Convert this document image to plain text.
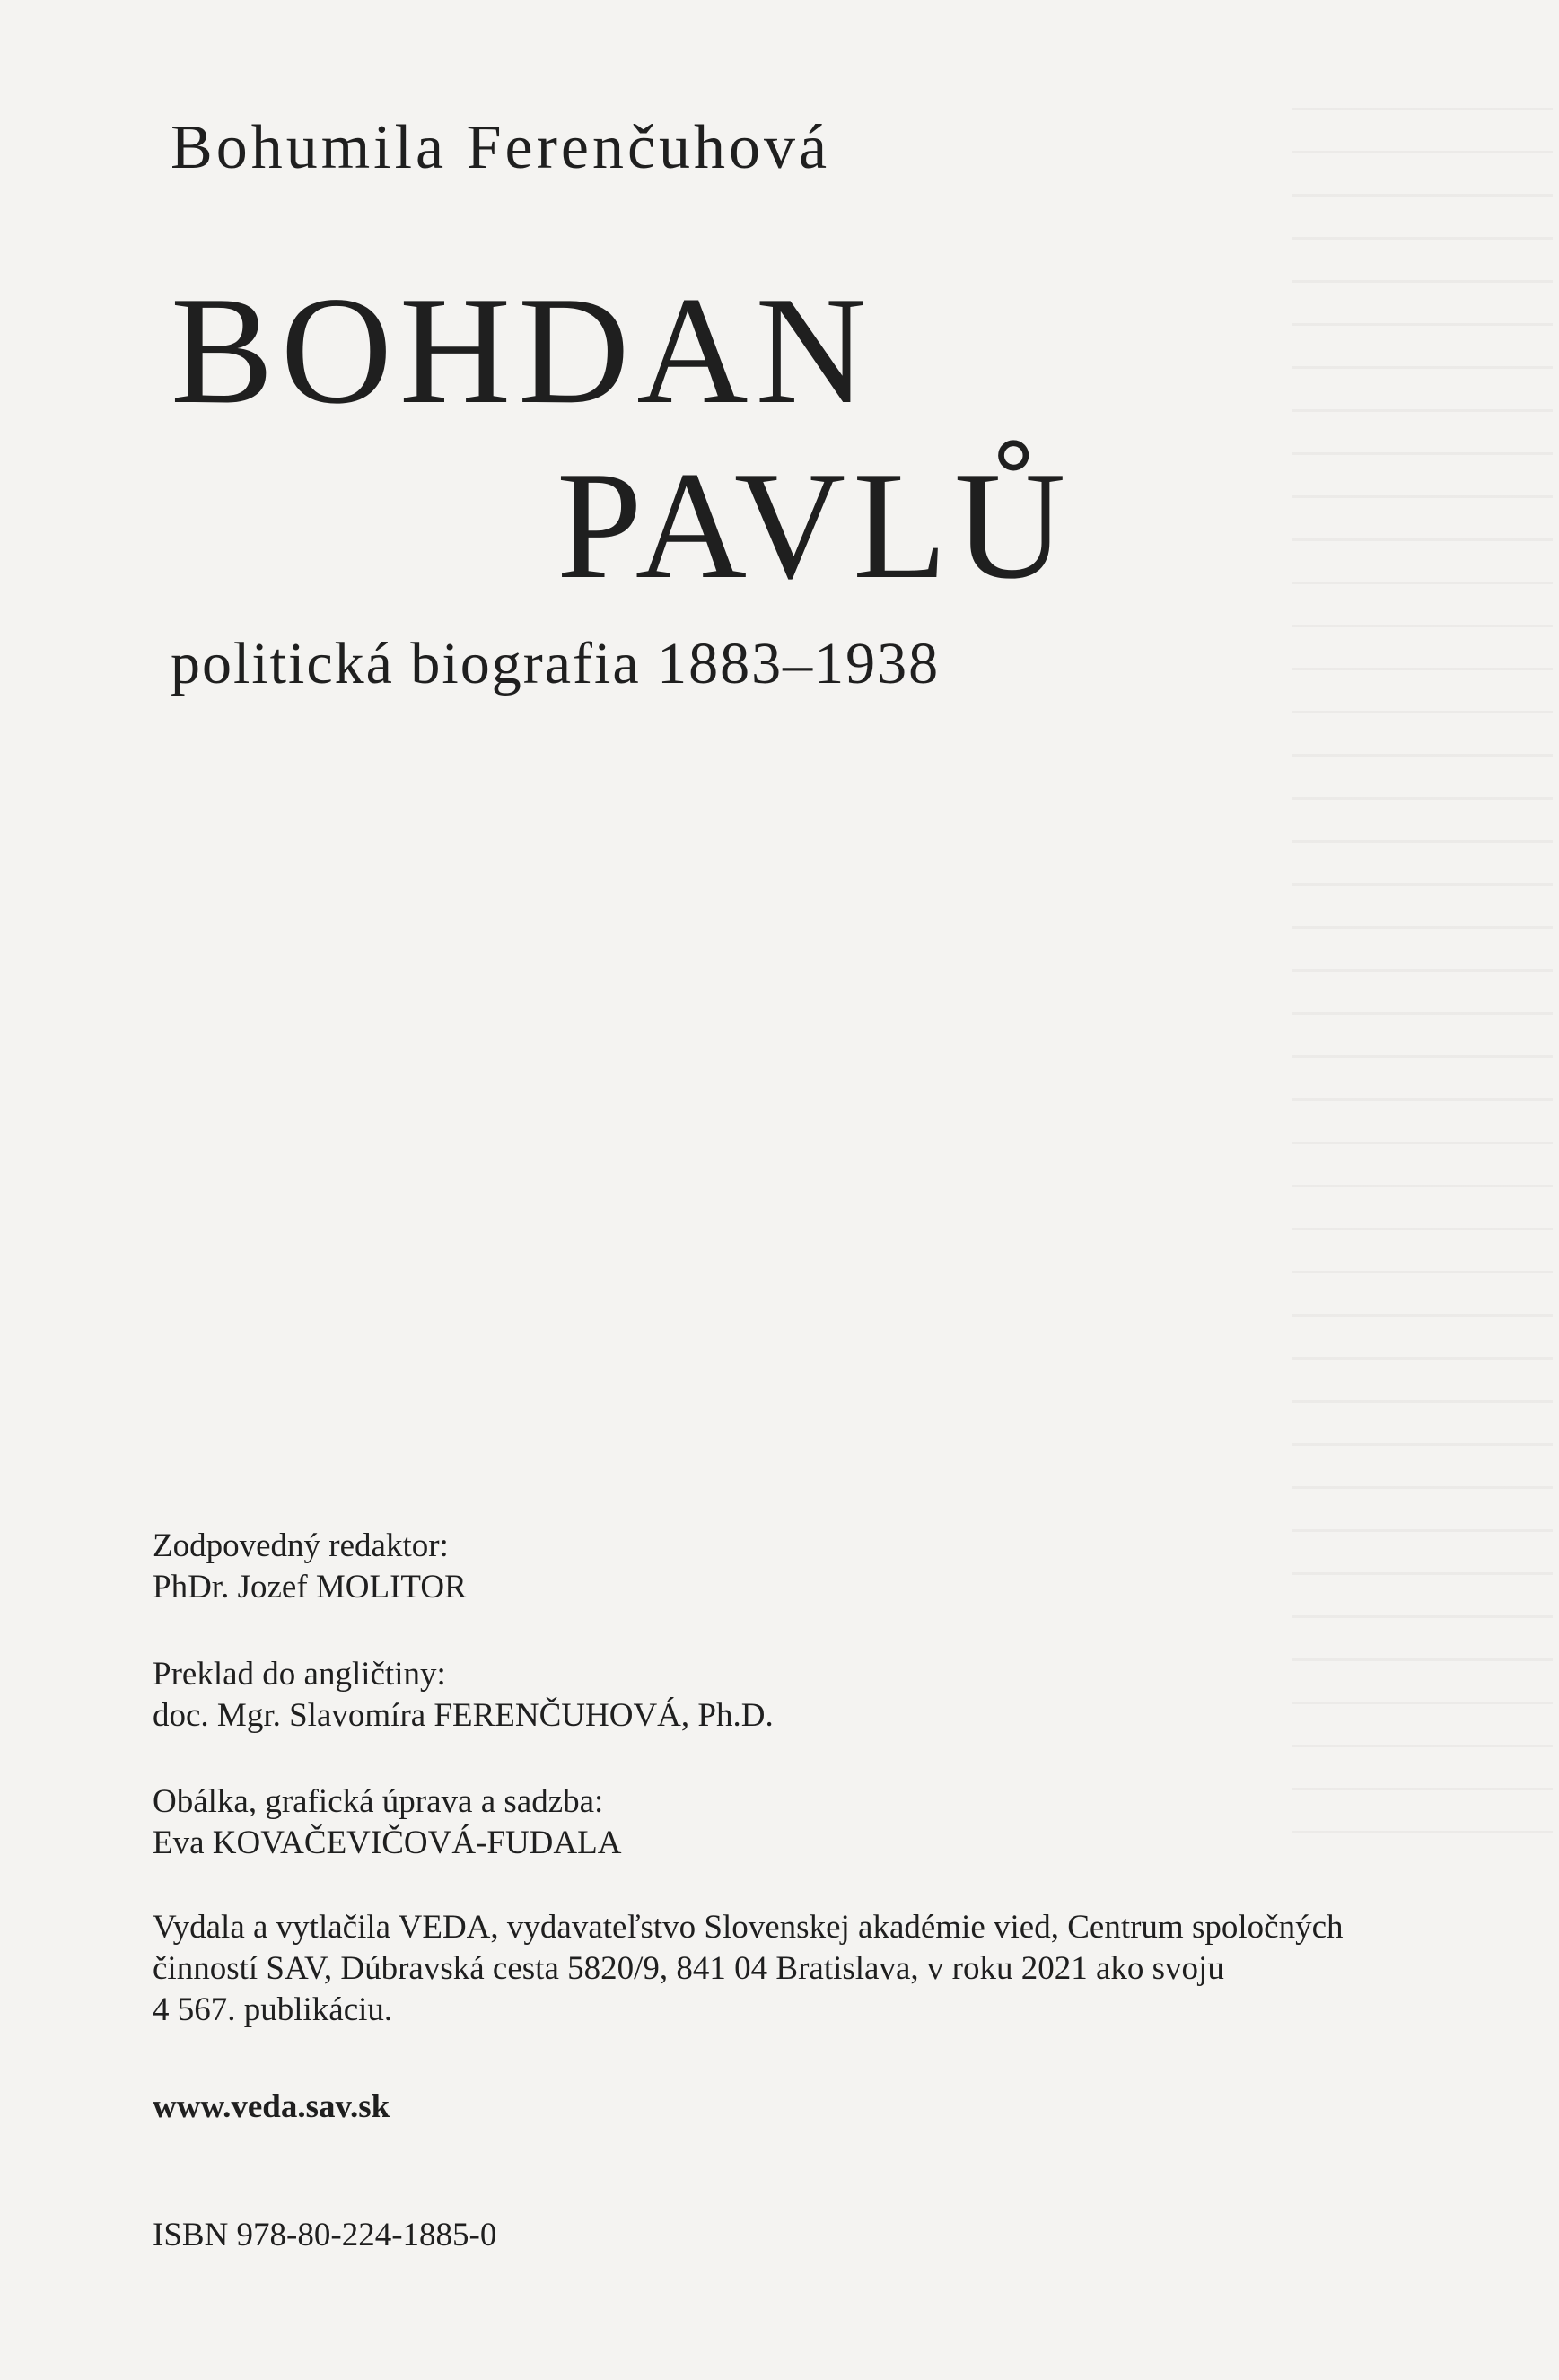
Bohumila Ferenčuhová
BOHDAN
PAVLŮ
politická biografia 1883–1938
Zodpovedný redaktor:
PhDr. Jozef MOLITOR
Preklad do angličtiny:
doc. Mgr. Slavomíra FERENČUHOVÁ, Ph.D.
Obálka, grafická úprava a sadzba:
Eva KOVAČEVIČOVÁ-FUDALA
Vydala a vytlačila VEDA, vydavateľstvo Slovenskej akadémie vied, Centrum spoločných
činností SAV, Dúbravská cesta 5820/9, 841 04 Bratislava, v roku 2021 ako svoju
4 567. publikáciu.
www.veda.sav.sk
ISBN 978-80-224-1885-0
